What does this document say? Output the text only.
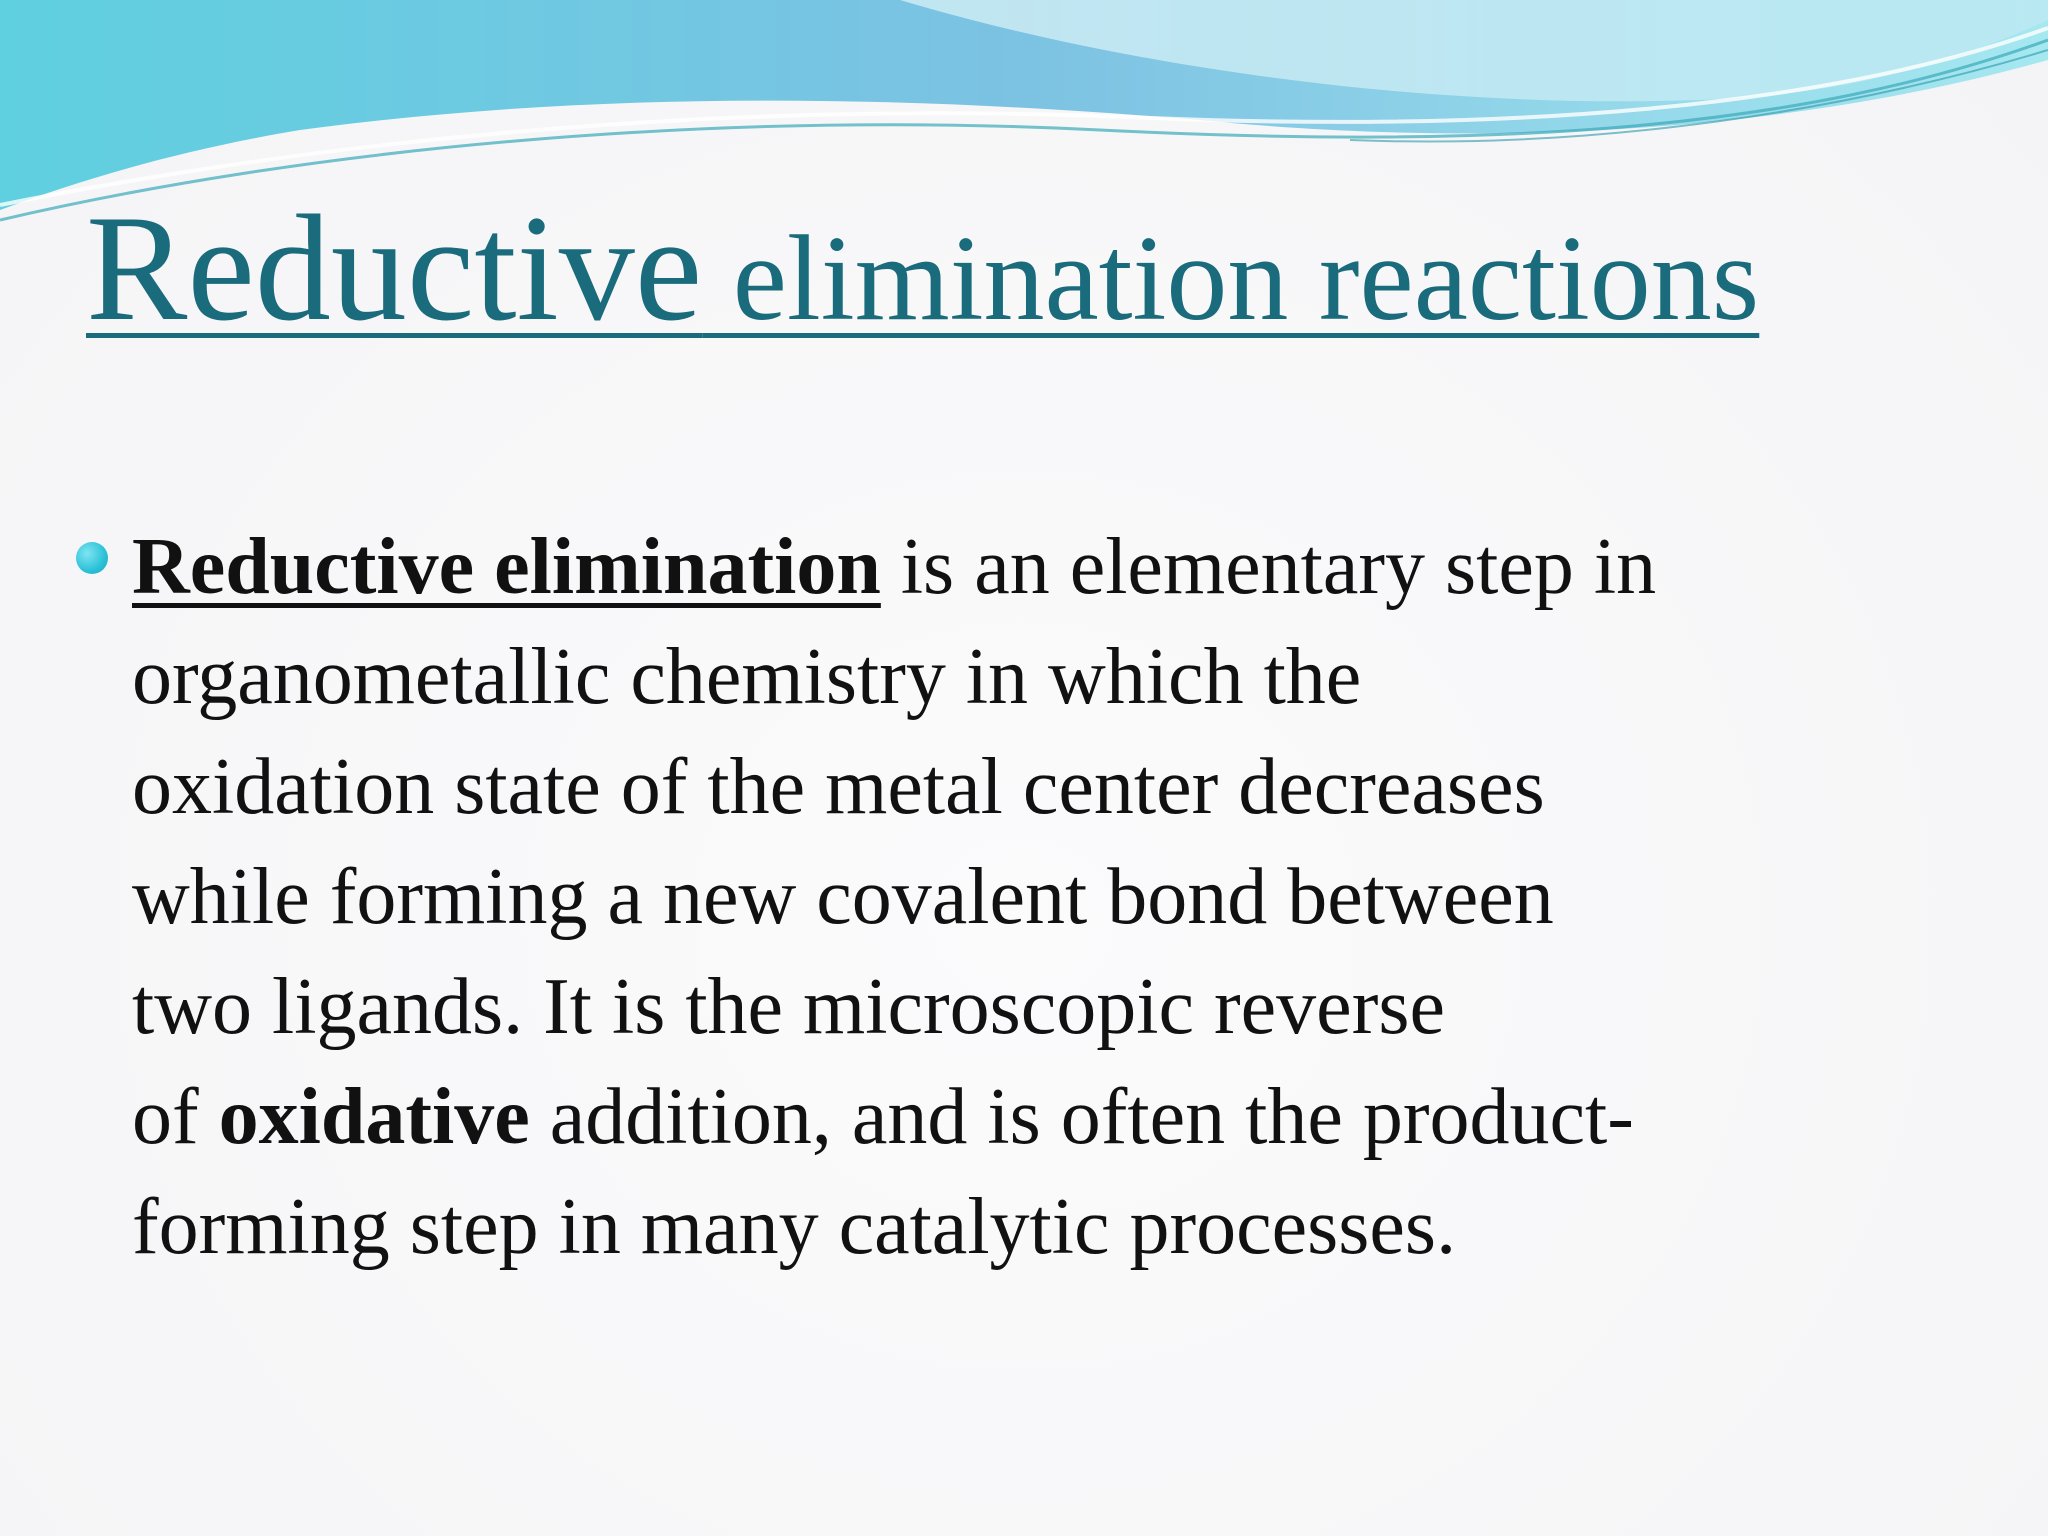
Reductive elimination reactions

Reductive elimination is an elementary step in
organometallic chemistry in which the
oxidation state of the metal center decreases
while forming a new covalent bond between
two ligands. It is the microscopic reverse
of oxidative addition, and is often the product-
forming step in many catalytic processes.
